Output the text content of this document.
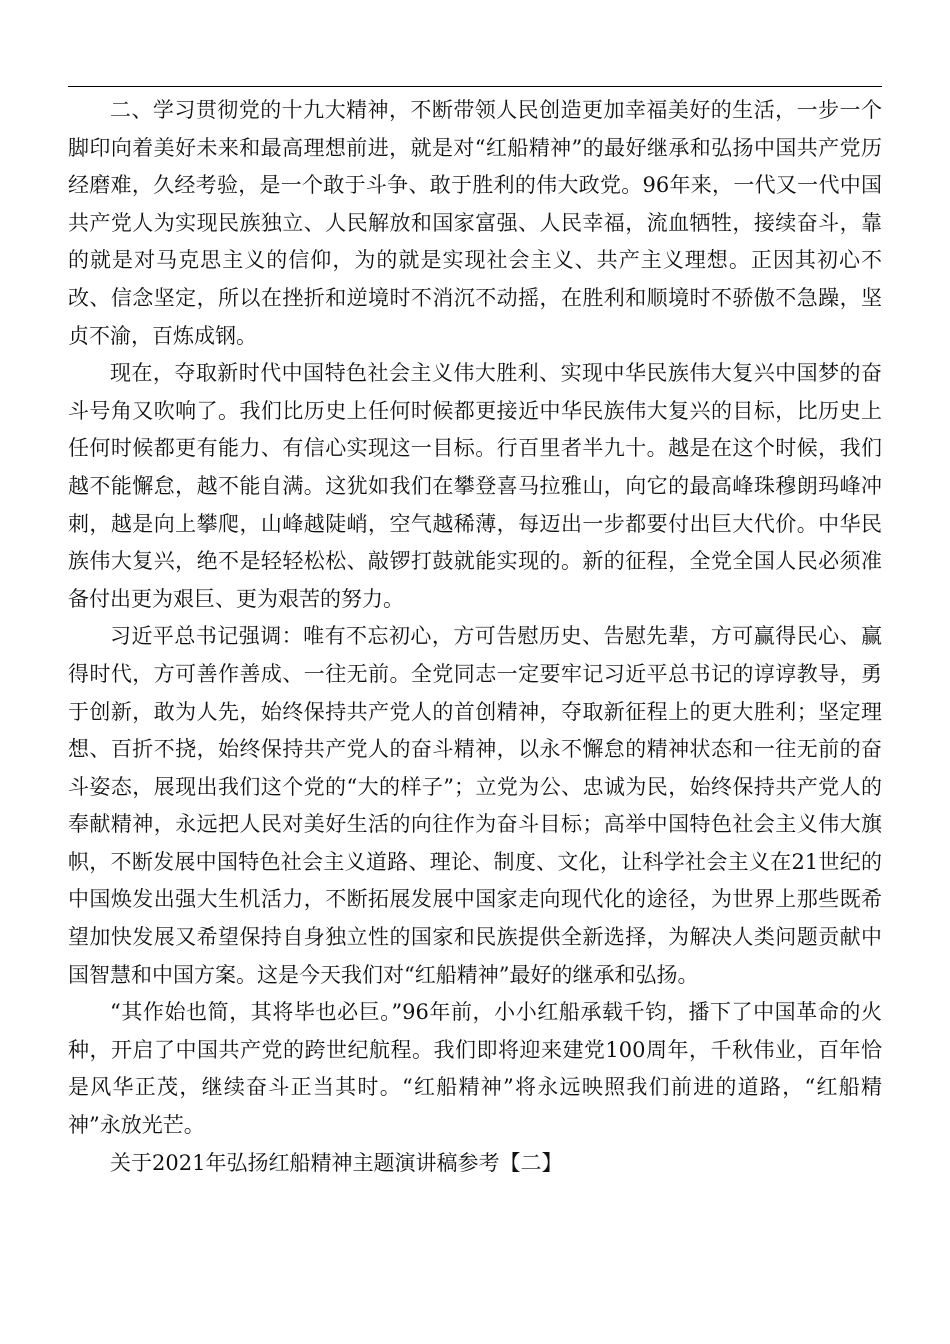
二、学习贯彻党的十九大精神，不断带领人民创造更加幸福美好的生活，一步一个脚印向着美好未来和最高理想前进，就是对“红船精神”的最好继承和弘扬中国共产党历经磨难，久经考验，是一个敢于斗争、敢于胜利的伟大政党。96年来，一代又一代中国共产党人为实现民族独立、人民解放和国家富强、人民幸福，流血牺牲，接续奋斗，靠的就是对马克思主义的信仰，为的就是实现社会主义、共产主义理想。正因其初心不改、信念坚定，所以在挫折和逆境时不消沉不动摇，在胜利和顺境时不骄傲不急躁，坚贞不渝，百炼成钢。

现在，夺取新时代中国特色社会主义伟大胜利、实现中华民族伟大复兴中国梦的奋斗号角又吹响了。我们比历史上任何时候都更接近中华民族伟大复兴的目标，比历史上任何时候都更有能力、有信心实现这一目标。行百里者半九十。越是在这个时候，我们越不能懈怠，越不能自满。这犹如我们在攀登喜马拉雅山，向它的最高峰珠穆朗玛峰冲刺，越是向上攀爬，山峰越陡峭，空气越稀薄，每迈出一步都要付出巨大代价。中华民族伟大复兴，绝不是轻轻松松、敲锣打鼓就能实现的。新的征程，全党全国人民必须准备付出更为艰巨、更为艰苦的努力。

习近平总书记强调：唯有不忘初心，方可告慰历史、告慰先辈，方可赢得民心、赢得时代，方可善作善成、一往无前。全党同志一定要牢记习近平总书记的谆谆教导，勇于创新，敢为人先，始终保持共产党人的首创精神，夺取新征程上的更大胜利；坚定理想、百折不挠，始终保持共产党人的奋斗精神，以永不懈怠的精神状态和一往无前的奋斗姿态，展现出我们这个党的“大的样子”；立党为公、忠诚为民，始终保持共产党人的奉献精神，永远把人民对美好生活的向往作为奋斗目标；高举中国特色社会主义伟大旗帜，不断发展中国特色社会主义道路、理论、制度、文化，让科学社会主义在21世纪的中国焕发出强大生机活力，不断拓展发展中国家走向现代化的途径，为世界上那些既希望加快发展又希望保持自身独立性的国家和民族提供全新选择，为解决人类问题贡献中国智慧和中国方案。这是今天我们对“红船精神”最好的继承和弘扬。

“其作始也简，其将毕也必巨。”96年前，小小红船承载千钧，播下了中国革命的火种，开启了中国共产党的跨世纪航程。我们即将迎来建党100周年，千秋伟业，百年恰是风华正茂，继续奋斗正当其时。“红船精神”将永远映照我们前进的道路，“红船精神”永放光芒。

关于2021年弘扬红船精神主题演讲稿参考【二】
